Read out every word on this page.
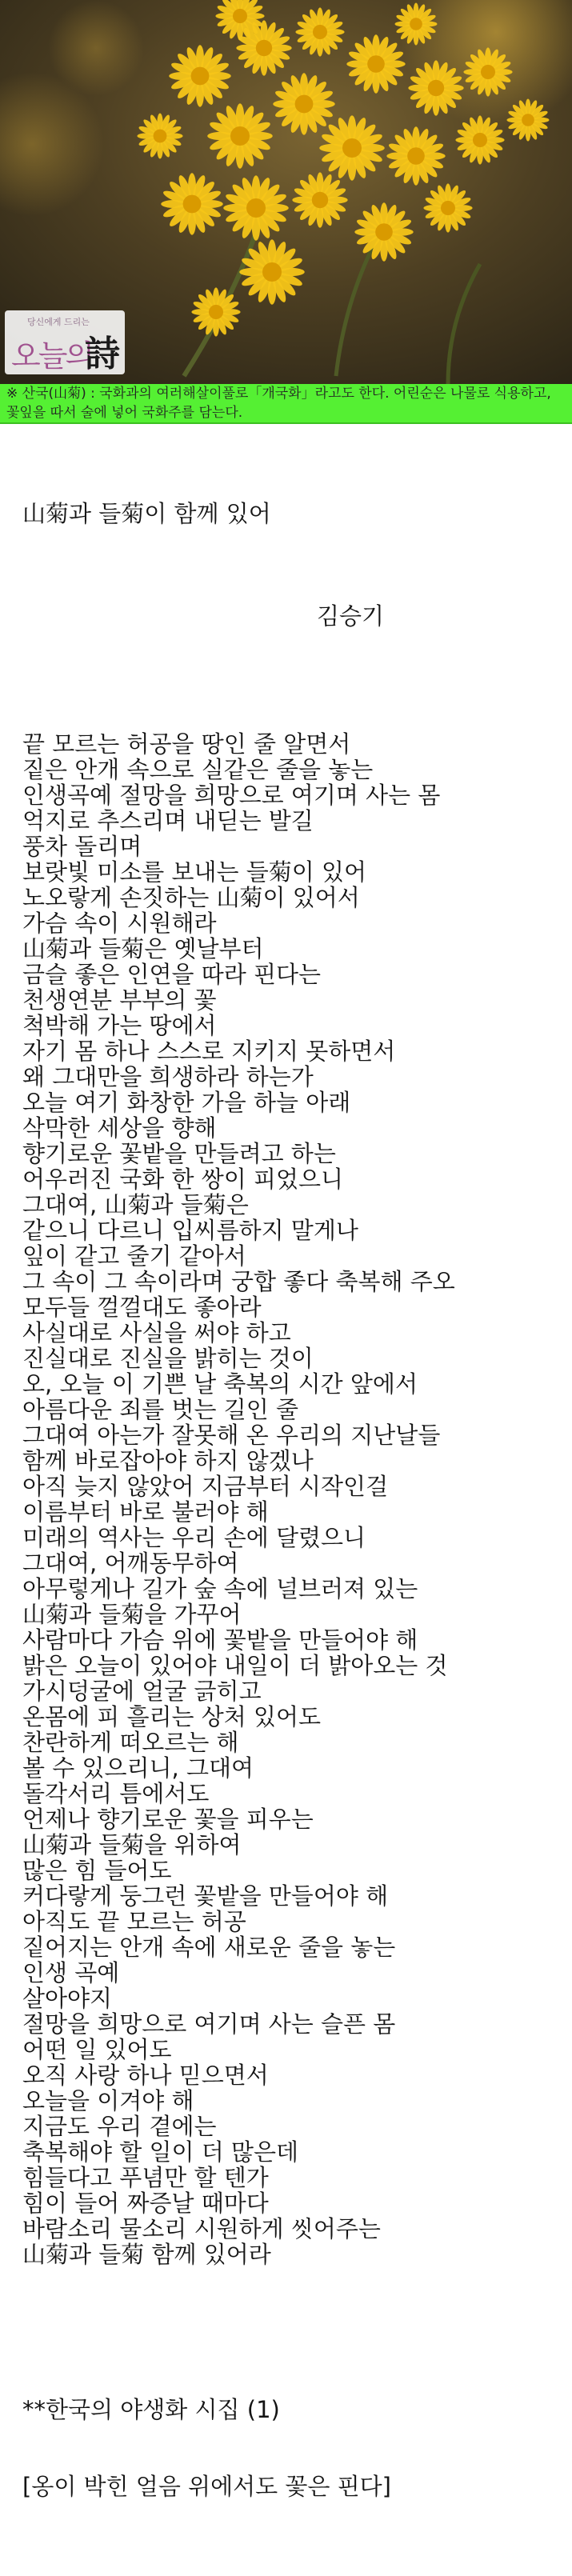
당신에게 드리는
오늘의
詩
※ 산국(山菊) : 국화과의 여러해살이풀로「개국화」라고도 한다. 어린순은 나물로 식용하고, 꽃잎을 따서 술에 넣어 국화주를 담는다.

山菊과 들菊이 함께 있어

김승기

끝 모르는 허공을 땅인 줄 알면서
짙은 안개 속으로 실같은 줄을 놓는
인생곡예 절망을 희망으로 여기며 사는 몸
억지로 추스리며 내딛는 발길
풍차 돌리며
보랏빛 미소를 보내는 들菊이 있어
노오랗게 손짓하는 山菊이 있어서
가슴 속이 시원해라
山菊과 들菊은 옛날부터
금슬 좋은 인연을 따라 핀다는
천생연분 부부의 꽃
척박해 가는 땅에서
자기 몸 하나 스스로 지키지 못하면서
왜 그대만을 희생하라 하는가
오늘 여기 화창한 가을 하늘 아래
삭막한 세상을 향해
향기로운 꽃밭을 만들려고 하는
어우러진 국화 한 쌍이 피었으니
그대여, 山菊과 들菊은
같으니 다르니 입씨름하지 말게나
잎이 같고 줄기 같아서
그 속이 그 속이라며 궁합 좋다 축복해 주오
모두들 껄껄대도 좋아라
사실대로 사실을 써야 하고
진실대로 진실을 밝히는 것이
오, 오늘 이 기쁜 날 축복의 시간 앞에서
아름다운 죄를 벗는 길인 줄
그대여 아는가 잘못해 온 우리의 지난날들
함께 바로잡아야 하지 않겠나
아직 늦지 않았어 지금부터 시작인걸
이름부터 바로 불러야 해
미래의 역사는 우리 손에 달렸으니
그대여, 어깨동무하여
아무렇게나 길가 숲 속에 널브러져 있는
山菊과 들菊을 가꾸어
사람마다 가슴 위에 꽃밭을 만들어야 해
밝은 오늘이 있어야 내일이 더 밝아오는 것
가시덩굴에 얼굴 긁히고
온몸에 피 흘리는 상처 있어도
찬란하게 떠오르는 해
볼 수 있으리니, 그대여
돌각서리 틈에서도
언제나 향기로운 꽃을 피우는
山菊과 들菊을 위하여
많은 힘 들어도
커다랗게 둥그런 꽃밭을 만들어야 해
아직도 끝 모르는 허공
짙어지는 안개 속에 새로운 줄을 놓는
인생 곡예
살아야지
절망을 희망으로 여기며 사는 슬픈 몸
어떤 일 있어도
오직 사랑 하나 믿으면서
오늘을 이겨야 해
지금도 우리 곁에는
축복해야 할 일이 더 많은데
힘들다고 푸념만 할 텐가
힘이 들어 짜증날 때마다
바람소리 물소리 시원하게 씻어주는
山菊과 들菊 함께 있어라

**한국의 야생화 시집 (1)

[옹이 박힌 얼음 위에서도 꽃은 핀다]
